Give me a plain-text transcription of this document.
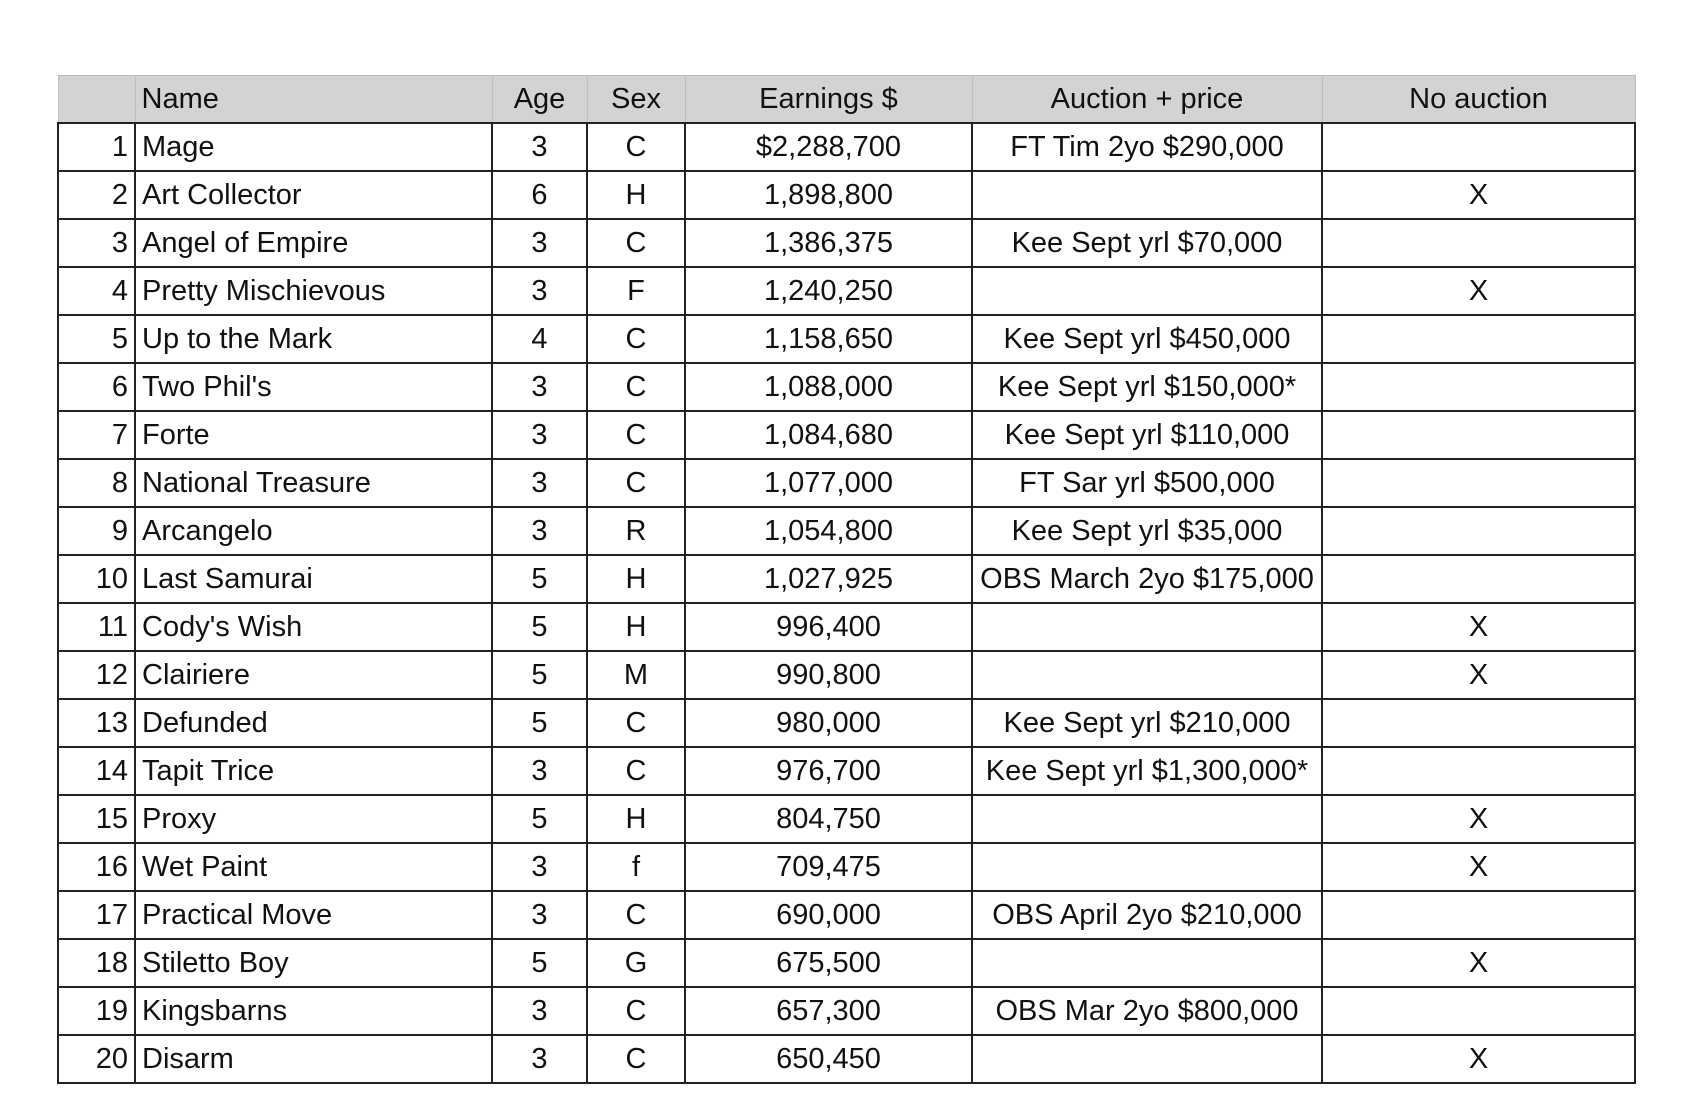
	Name	Age	Sex	Earnings $	Auction + price	No auction
1	Mage	3	C	$2,288,700	FT Tim 2yo $290,000	
2	Art Collector	6	H	1,898,800		X
3	Angel of Empire	3	C	1,386,375	Kee Sept yrl $70,000	
4	Pretty Mischievous	3	F	1,240,250		X
5	Up to the Mark	4	C	1,158,650	Kee Sept yrl $450,000	
6	Two Phil's	3	C	1,088,000	Kee Sept yrl $150,000*	
7	Forte	3	C	1,084,680	Kee Sept yrl $110,000	
8	National Treasure	3	C	1,077,000	FT Sar yrl $500,000	
9	Arcangelo	3	R	1,054,800	Kee Sept yrl $35,000	
10	Last Samurai	5	H	1,027,925	OBS March 2yo $175,000	
11	Cody's Wish	5	H	996,400		X
12	Clairiere	5	M	990,800		X
13	Defunded	5	C	980,000	Kee Sept yrl $210,000	
14	Tapit Trice	3	C	976,700	Kee Sept yrl $1,300,000*	
15	Proxy	5	H	804,750		X
16	Wet Paint	3	f	709,475		X
17	Practical Move	3	C	690,000	OBS April 2yo $210,000	
18	Stiletto Boy	5	G	675,500		X
19	Kingsbarns	3	C	657,300	OBS Mar 2yo $800,000	
20	Disarm	3	C	650,450		X
